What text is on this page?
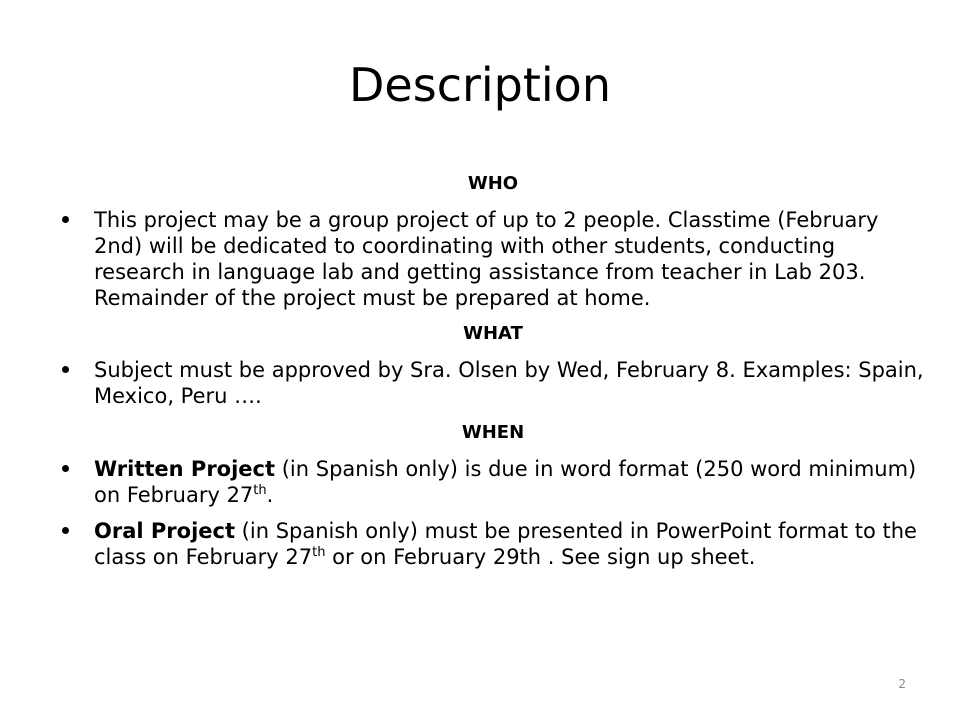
Description

WHO

This project may be a group project of up to 2 people. Classtime (February 2nd) will be dedicated to coordinating with other students, conducting research in language lab and getting assistance from teacher in Lab 203. Remainder of the project must be prepared at home.

WHAT

Subject must be approved by Sra. Olsen by Wed, February 8. Examples: Spain, Mexico, Peru ….

WHEN

Written Project (in Spanish only) is due in word format (250 word minimum) on February 27th.

Oral Project (in Spanish only) must be presented in PowerPoint format to the class on February 27th or on February 29th . See sign up sheet.

2
